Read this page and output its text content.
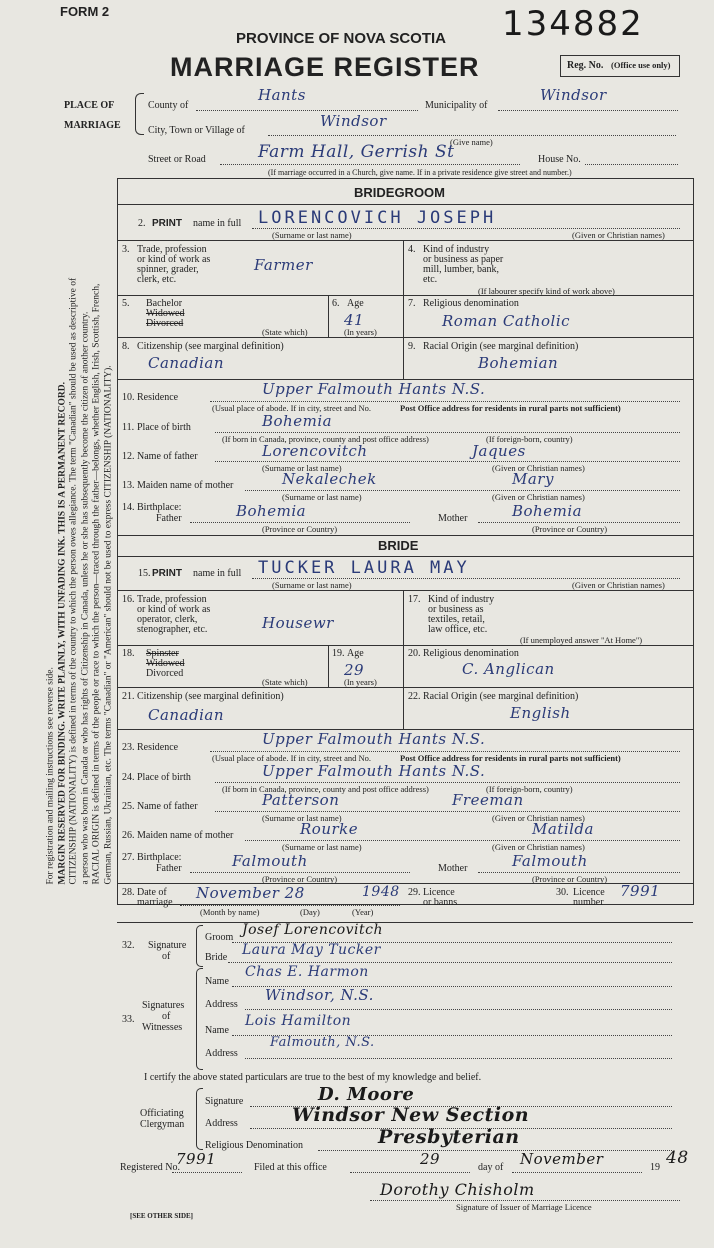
For registration and mailing instructions see reverse side. MARGIN RESERVED FOR BINDING. WRITE PLAINLY, WITH UNFADING INK. THIS IS A PERMANENT RECORD. CITIZENSHIP (NATIONALITY) is defined in terms of the country to which the person owes allegiance. The term "Canadian" should be used as descriptive of a person who was born in Canada or who has rights of Citizenship in Canada, unless he or she has subsequently become the citizen of another country. RACIAL ORIGIN is defined in terms of the people or race to which the person—traced through the father—belongs, whether English, Irish, Scottish, French, German, Russian, Ukrainian, etc. The terms "Canadian" or "American" should not be used to express CITIZENSHIP (NATIONALITY).
FORM 2	134882
PROVINCE OF NOVA SCOTIA
MARRIAGE REGISTER	Reg. No. (Office use only)
PLACE OF
MARRIAGE
County of
Hants
Municipality of
Windsor
City, Town or Village of
Windsor
(Give name)
Street or Road	Farm Hall, Gerrish St	House No.
(If marriage occurred in a Church, give name. If in a private residence give street and number.)
BRIDEGROOM
2. PRINT name in full LORENCOVICH JOSEPH
(Surname or last name)	(Given or Christian names)
3. Trade, profession
or kind of work as
spinner, grader,
clerk, etc.
Farmer
4. Kind of industry
or business as paper
mill, lumber, bank,
etc.
(If labourer specify kind of work above)
5. Bachelor
Widowed
Divorced
(State which)
6. Age
41
(In years)
7. Religious denomination
Roman Catholic
8. Citizenship (see marginal definition)
Canadian
9. Racial Origin (see marginal definition)
Bohemian
10. Residence	Upper Falmouth Hants N.S.
(Usual place of abode. If in city, street and No.	Post Office address for residents in rural parts not sufficient)
11. Place of birth	Bohemia
(If born in Canada, province, county and post office address)	(If foreign-born, country)
12. Name of father	Lorencovitch	Jaques
(Surname or last name)	(Given or Christian names)
13. Maiden name of mother	Nekalechek	Mary
(Surname or last name)	(Given or Christian names)
14. Birthplace:
Father	Bohemia	Mother	Bohemia
(Province or Country)	(Province or Country)
BRIDE
15. PRINT name in full TUCKER LAURA MAY
(Surname or last name)	(Given or Christian names)
16. Trade, profession
or kind of work as
operator, clerk,
stenographer, etc.	Housewr
17. Kind of industry
or business as
textiles, retail,
law office, etc.
(If unemployed answer "At Home")
18. Spinster
Widowed
Divorced
(State which)
19. Age
29
(In years)
20. Religious denomination
C. Anglican
21. Citizenship (see marginal definition)
Canadian
22. Racial Origin (see marginal definition)
English
23. Residence	Upper Falmouth Hants N.S.
(Usual place of abode. If in city, street and No.	Post Office address for residents in rural parts not sufficient)
24. Place of birth	Upper Falmouth Hants N.S.
(If born in Canada, province, county and post office address)	(If foreign-born, country)
25. Name of father	Patterson	Freeman
(Surname or last name)	(Given or Christian names)
26. Maiden name of mother	Rourke	Matilda
(Surname or last name)	(Given or Christian names)
27. Birthplace:
Father	Falmouth	Mother	Falmouth
(Province or Country)	(Province or Country)
28. Date of
marriage
November 28	1948
(Month by name)	(Day)	(Year)
29. Licence
or banns
30. Licence
number
7991
32. Signature
of
Groom Josef Lorencovitch
Bride Laura May Tucker
33.
Signatures
of
Witnesses
Name
Chas E. Harmon
Address
Windsor, N.S.
Name
Lois Hamilton
Address
Falmouth, N.S.
I certify the above stated particulars are true to the best of my knowledge and belief.
Officiating
Clergyman
Signature	D. Moore
Address	Windsor New Section
Religious Denomination	Presbyterian
Registered No.
7991	Filed at this office	29	day of November	19 48
Dorothy Chisholm
Signature of Issuer of Marriage Licence
[SEE OTHER SIDE]
